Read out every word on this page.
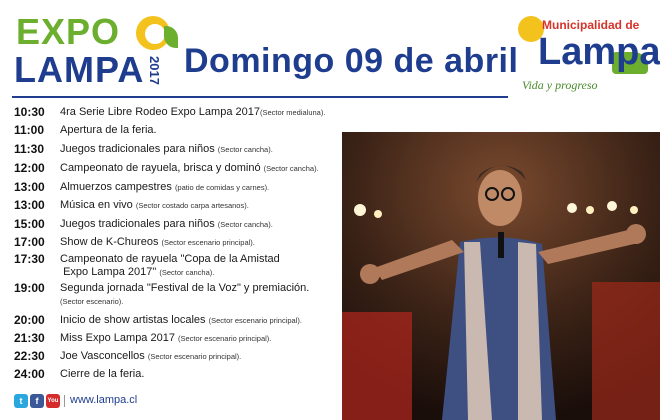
EXPO
LAMPA 2017 Domingo 09 de abril
Municipalidad de
Lampa
Vida y progreso
10:30	4ra Serie Libre Rodeo Expo Lampa 2017(Sector medialuna).
11:00	Apertura de la feria.
11:30	Juegos tradicionales para niños (Sector cancha).
12:00	Campeonato de rayuela, brisca y dominó (Sector cancha).
13:00	Almuerzos campestres (patio de comidas y carnes).
13:00	Música en vivo (Sector costado carpa artesanos).
15:00	Juegos tradicionales para niños (Sector cancha).
17:00	Show de K-Chureos (Sector escenario principal).
17:30	Campeonato de rayuela "Copa de la Amistad
Expo Lampa 2017" (Sector cancha).
19:00	Segunda jornada "Festival de la Voz" y premiación.
(Sector escenario).
20:00	Inicio de show artistas locales (Sector escenario principal).
21:30	Miss Expo Lampa 2017 (Sector escenario principal).
22:30	Joe Vasconcellos (Sector escenario principal).
24:00	Cierre de la feria.
t	f	You www.lampa.cl
